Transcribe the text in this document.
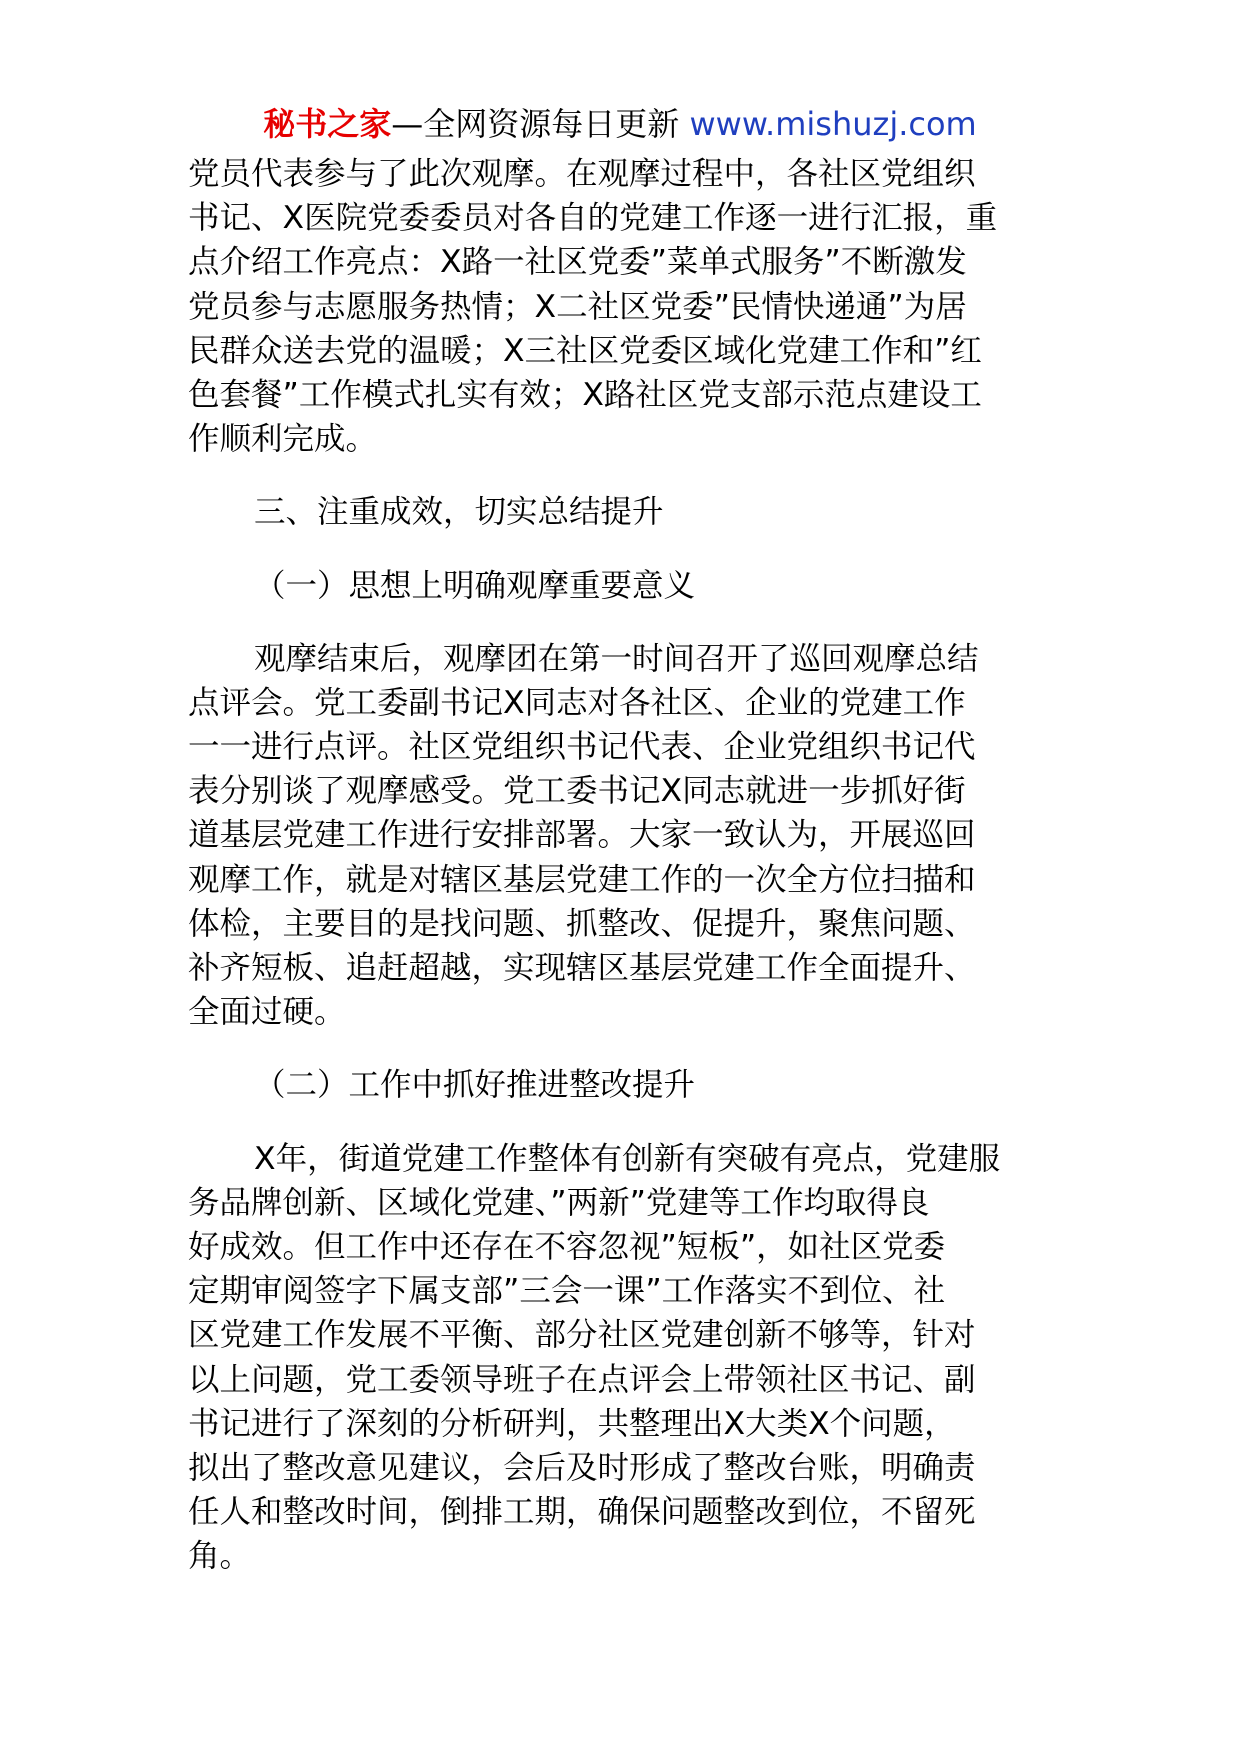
秘书之家—全网资源每日更新 www.mishuzj.com
党员代表参与了此次观摩。在观摩过程中，各社区党组织
书记、X医院党委委员对各自的党建工作逐一进行汇报，重
点介绍工作亮点：X路一社区党委”菜单式服务”不断激发
党员参与志愿服务热情；X二社区党委”民情快递通”为居
民群众送去党的温暖；X三社区党委区域化党建工作和”红
色套餐”工作模式扎实有效；X路社区党支部示范点建设工
作顺利完成。
三、注重成效，切实总结提升
（一）思想上明确观摩重要意义
观摩结束后，观摩团在第一时间召开了巡回观摩总结
点评会。党工委副书记X同志对各社区、企业的党建工作
一一进行点评。社区党组织书记代表、企业党组织书记代
表分别谈了观摩感受。党工委书记X同志就进一步抓好街
道基层党建工作进行安排部署。大家一致认为，开展巡回
观摩工作，就是对辖区基层党建工作的一次全方位扫描和
体检，主要目的是找问题、抓整改、促提升，聚焦问题、
补齐短板、追赶超越，实现辖区基层党建工作全面提升、
全面过硬。
（二）工作中抓好推进整改提升
X年，街道党建工作整体有创新有突破有亮点，党建服
务品牌创新、区域化党建、”两新”党建等工作均取得良
好成效。但工作中还存在不容忽视”短板”，如社区党委
定期审阅签字下属支部”三会一课”工作落实不到位、社
区党建工作发展不平衡、部分社区党建创新不够等，针对
以上问题，党工委领导班子在点评会上带领社区书记、副
书记进行了深刻的分析研判，共整理出X大类X个问题，
拟出了整改意见建议，会后及时形成了整改台账，明确责
任人和整改时间，倒排工期，确保问题整改到位，不留死
角。
